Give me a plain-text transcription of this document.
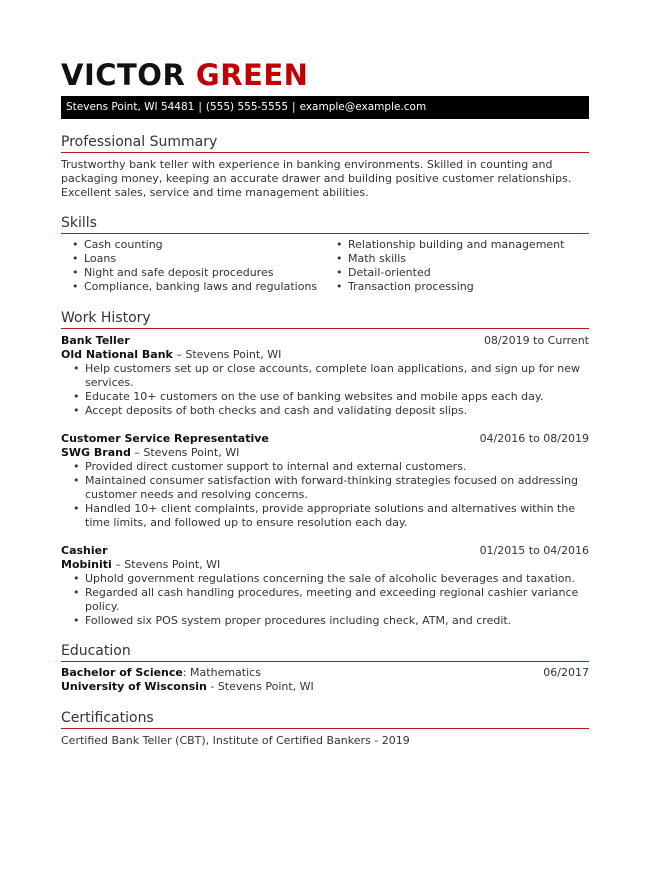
VICTOR GREEN
Stevens Point, WI 54481 | (555) 555-5555 | example@example.com
Professional Summary
Trustworthy bank teller with experience in banking environments. Skilled in counting and packaging money, keeping an accurate drawer and building positive customer relationships. Excellent sales, service and time management abilities.
Skills
• Cash counting
• Loans
• Night and safe deposit procedures
• Compliance, banking laws and regulations
• Relationship building and management
• Math skills
• Detail-oriented
• Transaction processing
Work History
Bank Teller	08/2019 to Current
Old National Bank – Stevens Point, WI
• Help customers set up or close accounts, complete loan applications, and sign up for new services.
• Educate 10+ customers on the use of banking websites and mobile apps each day.
• Accept deposits of both checks and cash and validating deposit slips.
Customer Service Representative	04/2016 to 08/2019
SWG Brand – Stevens Point, WI
• Provided direct customer support to internal and external customers.
• Maintained consumer satisfaction with forward-thinking strategies focused on addressing customer needs and resolving concerns.
• Handled 10+ client complaints, provide appropriate solutions and alternatives within the time limits, and followed up to ensure resolution each day.
Cashier	01/2015 to 04/2016
Mobiniti – Stevens Point, WI
• Uphold government regulations concerning the sale of alcoholic beverages and taxation.
• Regarded all cash handling procedures, meeting and exceeding regional cashier variance policy.
• Followed six POS system proper procedures including check, ATM, and credit.
Education
Bachelor of Science: Mathematics	06/2017
University of Wisconsin - Stevens Point, WI
Certifications
Certified Bank Teller (CBT), Institute of Certified Bankers - 2019
